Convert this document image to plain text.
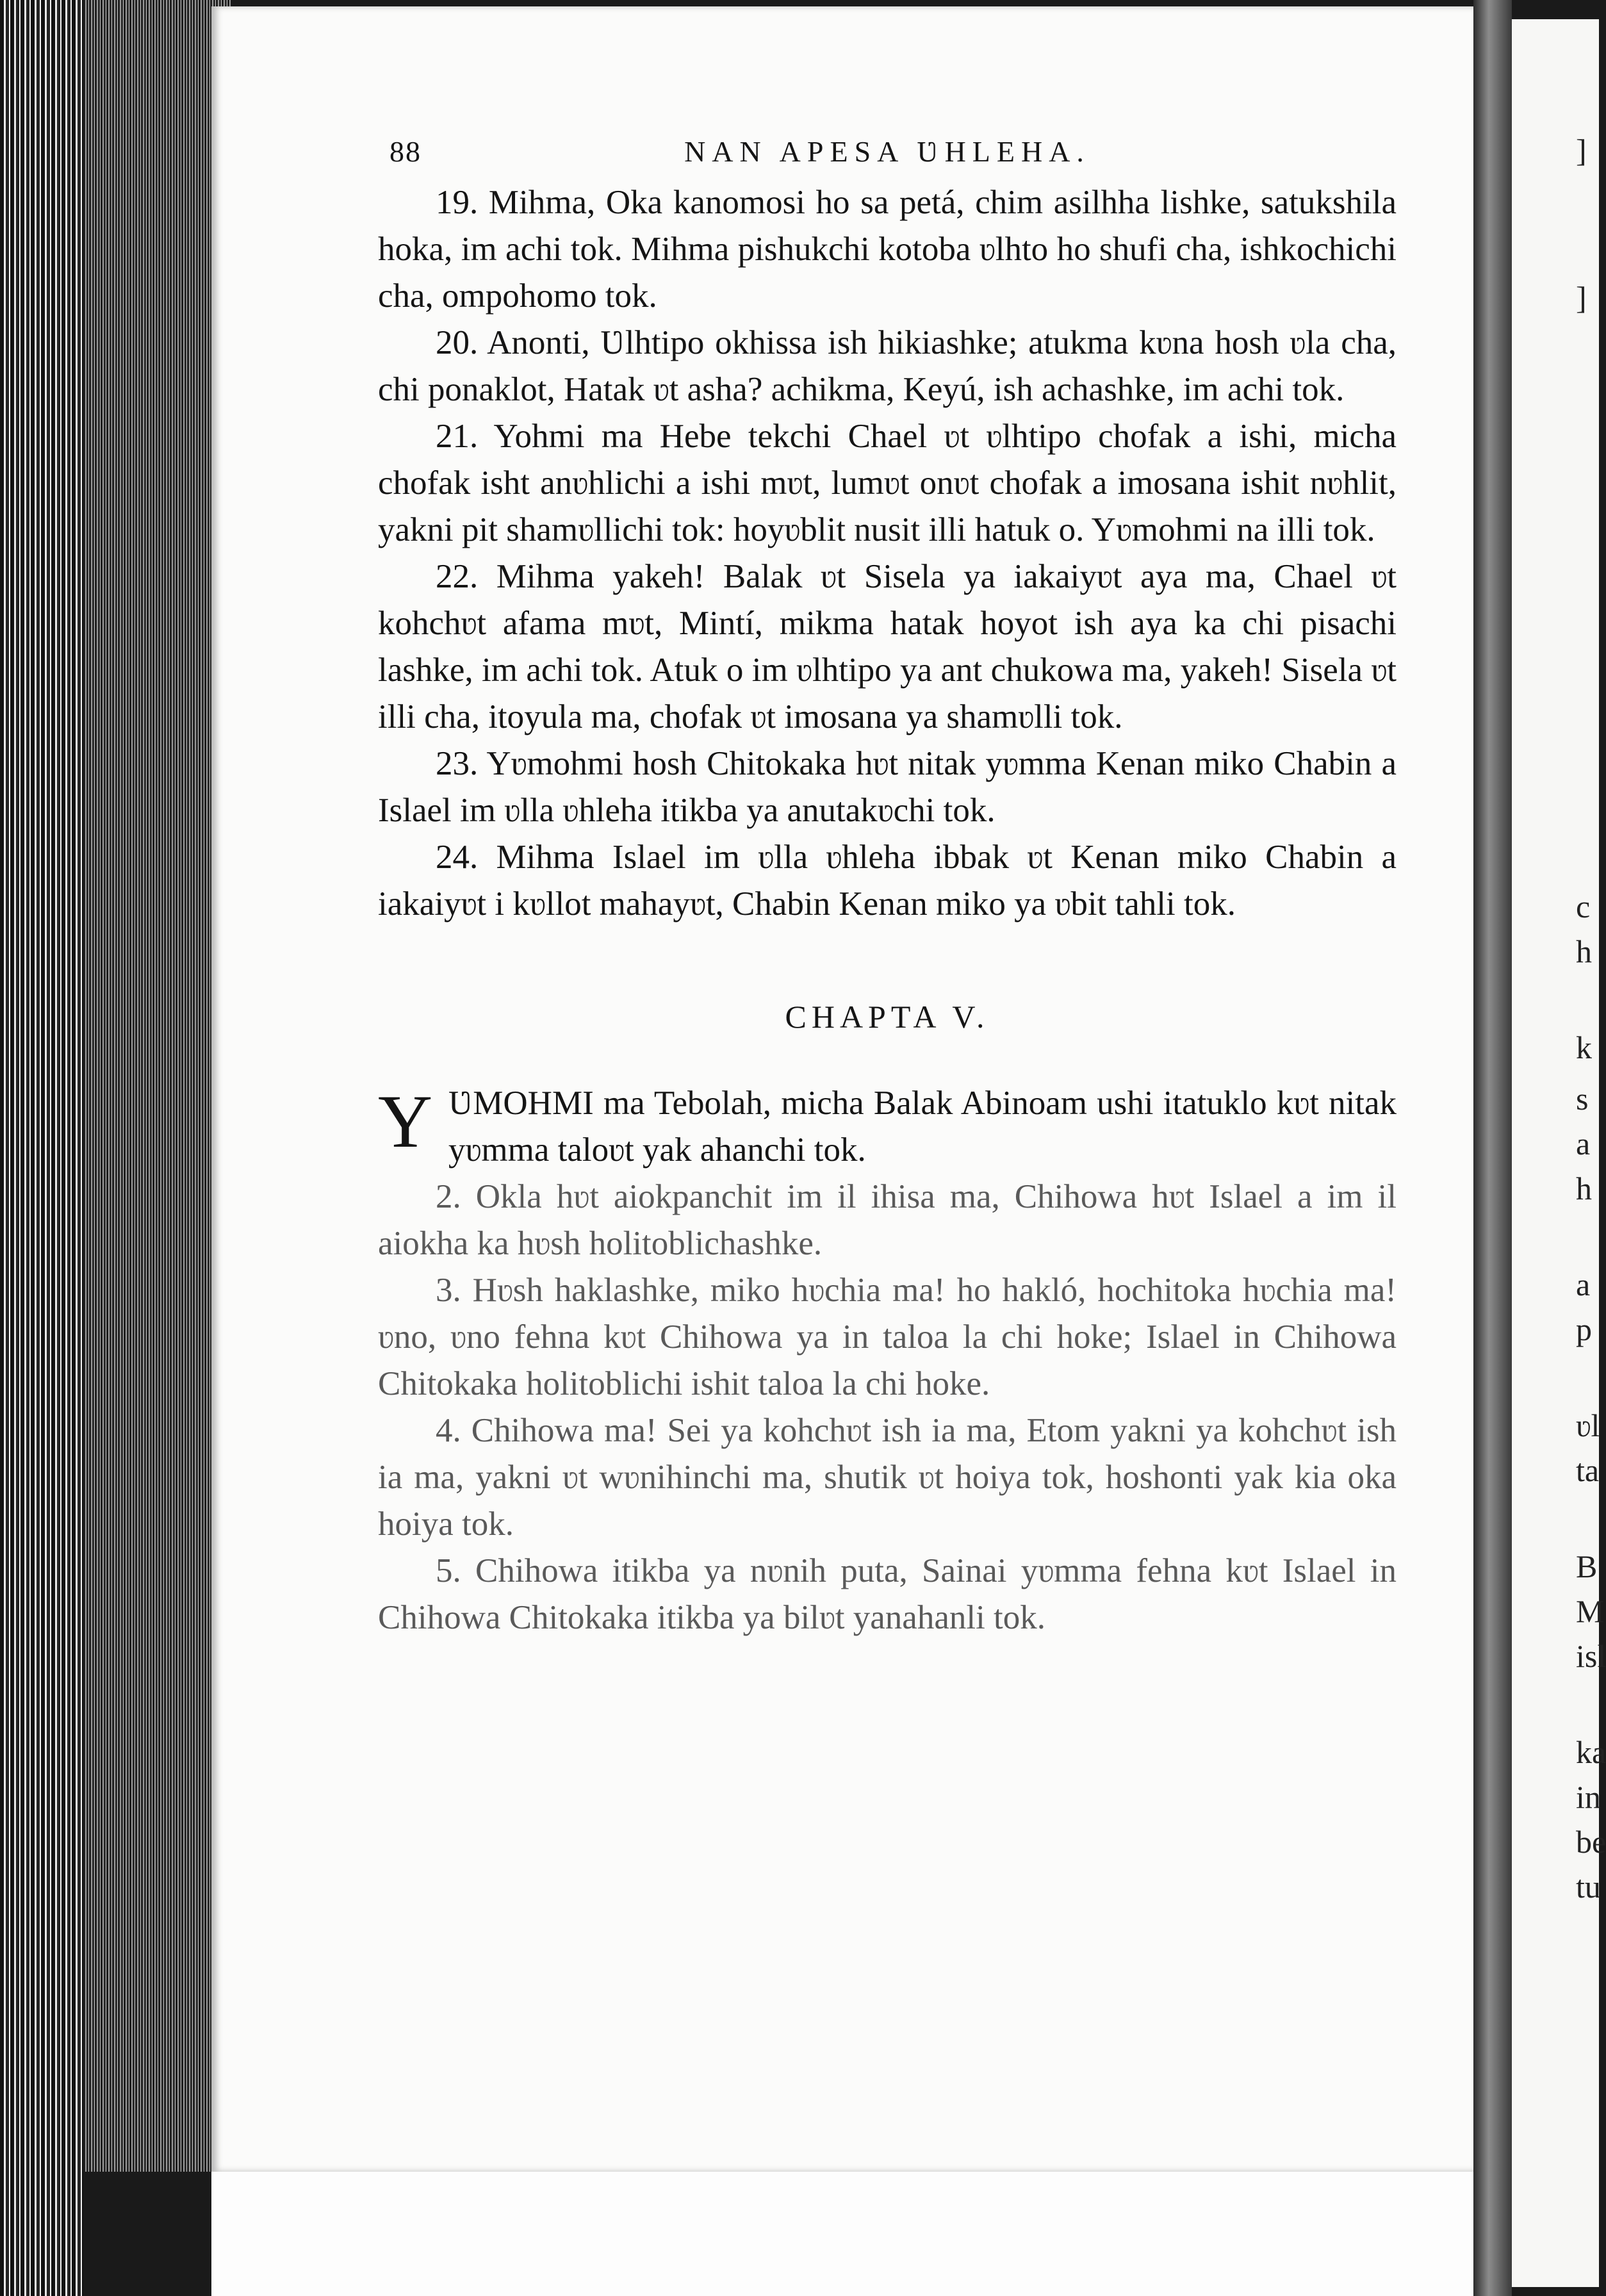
]
]
c
h
k
s
a
h
a
p
ʋl
ta
B
M
isl
ka
in
be
tu
88	NAN APESA ƲHLEHA.

19. Mihma, Oka kanomosi ho sa petá, chim asilhha lishke, satukshila hoka, im achi tok. Mihma pishukchi kotoba ʋlhto ho shufi cha, ishkochichi cha, ompohomo tok.

20. Anonti, Ʋlhtipo okhissa ish hikiashke; atukma kʋna hosh ʋla cha, chi ponaklot, Hatak ʋt asha? achikma, Keyú, ish achashke, im achi tok.

21. Yohmi ma Hebe tekchi Chael ʋt ʋlhtipo chofak a ishi, micha chofak isht anʋhlichi a ishi mʋt, lumʋt onʋt chofak a imosana ishit nʋhlit, yakni pit shamʋllichi tok: hoyʋblit nusit illi hatuk o. Yʋmohmi na illi tok.

22. Mihma yakeh! Balak ʋt Sisela ya iakaiyʋt aya ma, Chael ʋt kohchʋt afama mʋt, Mintí, mikma hatak hoyot ish aya ka chi pisachi lashke, im achi tok. Atuk o im ʋlhtipo ya ant chukowa ma, yakeh! Sisela ʋt illi cha, itoyula ma, chofak ʋt imosana ya shamʋlli tok.

23. Yʋmohmi hosh Chitokaka hʋt nitak yʋmma Kenan miko Chabin a Islael im ʋlla ʋhleha itikba ya anutakʋchi tok.

24. Mihma Islael im ʋlla ʋhleha ibbak ʋt Kenan miko Chabin a iakaiyʋt i kʋllot mahayʋt, Chabin Kenan miko ya ʋbit tahli tok.

CHAPTA V.
Y ƲMOHMI ma Tebolah, micha Balak Abinoam ushi itatuklo kʋt nitak yʋmma taloʋt yak ahanchi tok.

2. Okla hʋt aiokpanchit im il ihisa ma, Chihowa hʋt Islael a im il aiokha ka hʋsh holitoblichashke.

3. Hʋsh haklashke, miko hʋchia ma! ho hakló, hochitoka hʋchia ma! ʋno, ʋno fehna kʋt Chihowa ya in taloa la chi hoke; Islael in Chihowa Chitokaka holitoblichi ishit taloa la chi hoke.

4. Chihowa ma! Sei ya kohchʋt ish ia ma, Etom yakni ya kohchʋt ish ia ma, yakni ʋt wʋnihinchi ma, shutik ʋt hoiya tok, hoshonti yak kia oka hoiya tok.

5. Chihowa itikba ya nʋnih puta, Sainai yʋmma fehna kʋt Islael in Chihowa Chitokaka itikba ya bilʋt yanahanli tok.
